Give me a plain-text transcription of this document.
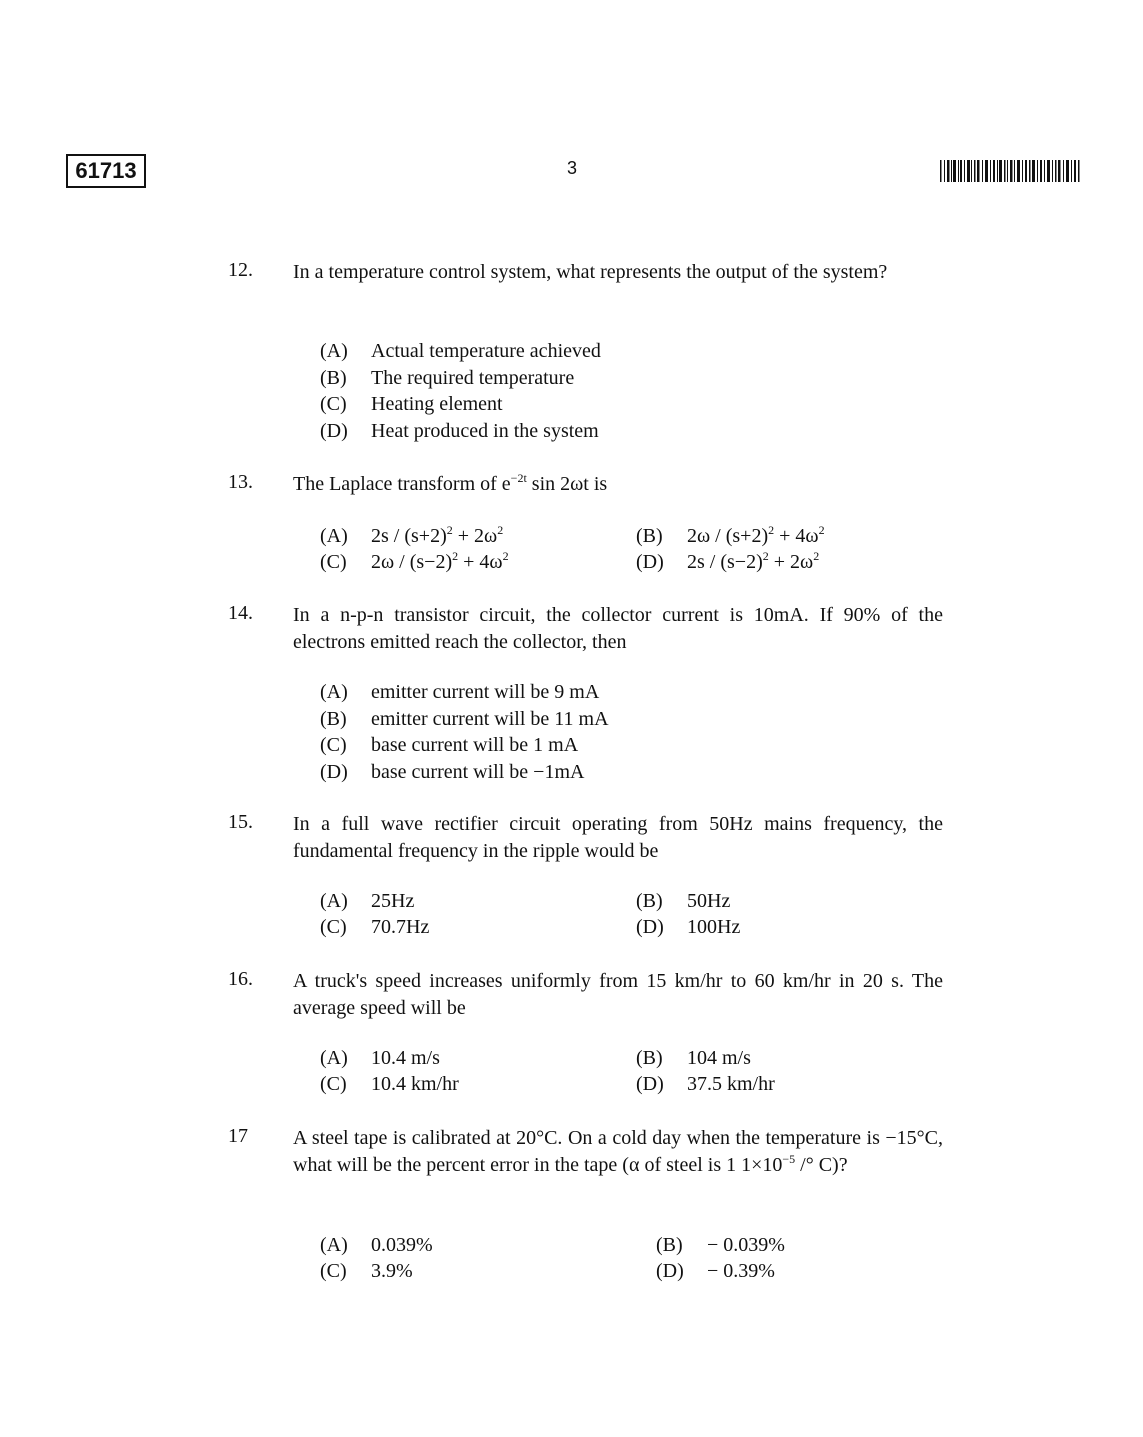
61713	3
12.	In a temperature control system, what represents the output of the system?
(A) Actual temperature achieved
(B) The required temperature
(C) Heating element
(D) Heat produced in the system
13.	The Laplace transform of $e^{-2t}$ sin 2ωt is
(A) $2s / (s+2)^2 + 2\omega^2$	(B) $2\omega / (s+2)^2 + 4\omega^2$
(C) $2\omega / (s-2)^2 + 4\omega^2$	(D) $2s / (s-2)^2 + 2\omega^2$
14.	In a n-p-n transistor circuit, the collector current is 10mA. If 90% of the electrons emitted reach the collector, then
(A) emitter current will be 9 mA
(B) emitter current will be 11 mA
(C) base current will be 1 mA
(D) base current will be −1mA
15.	In a full wave rectifier circuit operating from 50Hz mains frequency, the fundamental frequency in the ripple would be
(A) 25Hz	(B) 50Hz
(C) 70.7Hz	(D) 100Hz
16.	A truck's speed increases uniformly from 15 km/hr to 60 km/hr in 20 s. The average speed will be
(A) 10.4 m/s	(B) 104 m/s
(C) 10.4 km/hr	(D) 37.5 km/hr
17	A steel tape is calibrated at 20°C. On a cold day when the temperature is −15°C, what will be the percent error in the tape (α of steel is 1 $1\times 10^{-5}$ /° C)?
(A) 0.039%	(B) − 0.039%
(C) 3.9%	(D) − 0.39%
